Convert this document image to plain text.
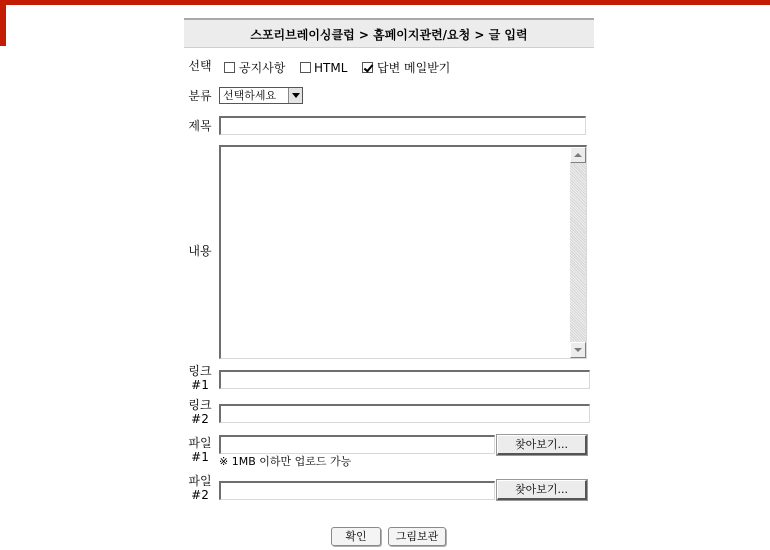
스포리브레이싱클럽 > 홈페이지관련/요청 > 글 입력
선택 공지사항 HTML 답변 메일받기
분류 선택하세요
제목
내용
링크 #1
링크 #2
파일 #1
찾아보기...
※ 1MB 이하만 업로드 가능
파일 #2	찾아보기...
확인	그림보관
